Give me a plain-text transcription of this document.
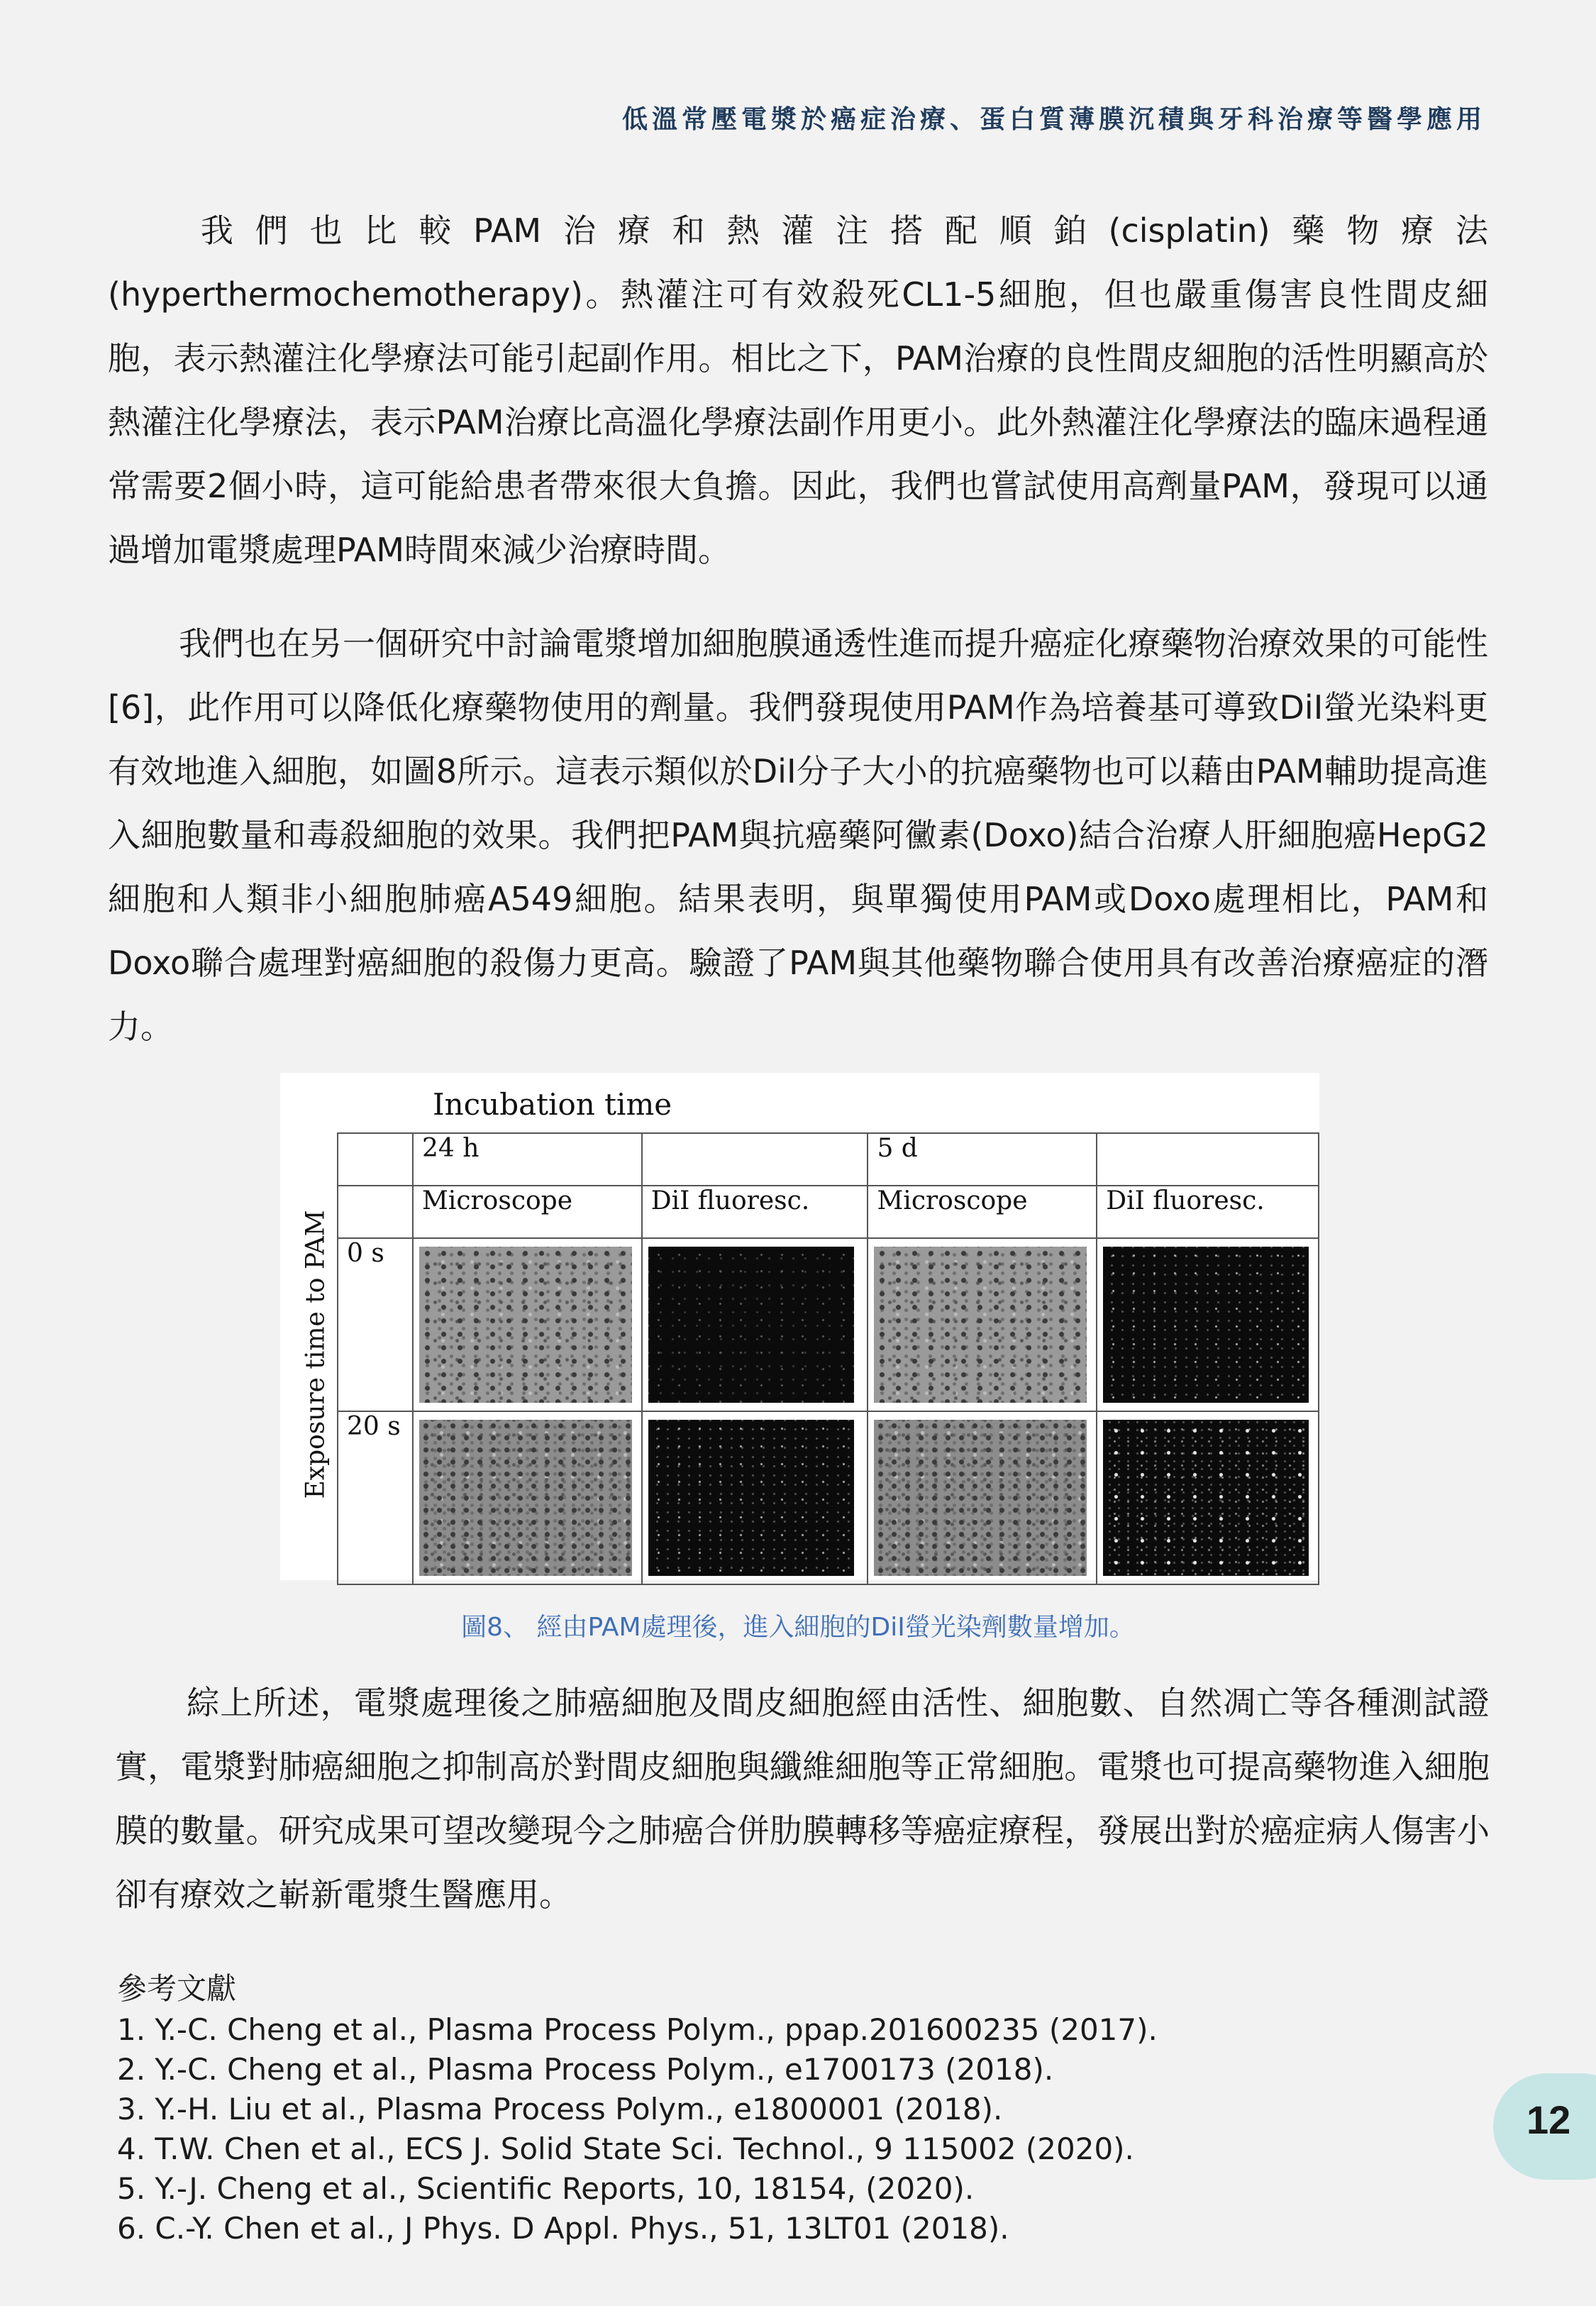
低溫常壓電漿於癌症治療、蛋白質薄膜沉積與牙科治療等醫學應用

我們也比較PAM治療和熱灌注搭配順鉑(cisplatin)藥物療法(hyperthermochemotherapy)。熱灌注可有效殺死CL1-5細胞，但也嚴重傷害良性間皮細胞，表示熱灌注化學療法可能引起副作用。相比之下，PAM治療的良性間皮細胞的活性明顯高於熱灌注化學療法，表示PAM治療比高溫化學療法副作用更小。此外熱灌注化學療法的臨床過程通常需要2個小時，這可能給患者帶來很大負擔。因此，我們也嘗試使用高劑量PAM，發現可以通過增加電漿處理PAM時間來減少治療時間。

我們也在另一個研究中討論電漿增加細胞膜通透性進而提升癌症化療藥物治療效果的可能性[6]，此作用可以降低化療藥物使用的劑量。我們發現使用PAM作為培養基可導致DiI螢光染料更有效地進入細胞，如圖8所示。這表示類似於DiI分子大小的抗癌藥物也可以藉由PAM輔助提高進入細胞數量和毒殺細胞的效果。我們把PAM與抗癌藥阿黴素(Doxo)結合治療人肝細胞癌HepG2細胞和人類非小細胞肺癌A549細胞。結果表明，與單獨使用PAM或Doxo處理相比，PAM和Doxo聯合處理對癌細胞的殺傷力更高。驗證了PAM與其他藥物聯合使用具有改善治療癌症的潛力。

Incubation time
Exposure time to PAM
	24 h		5 d	
	Microscope	DiI fluoresc.	Microscope	DiI fluoresc.
0 s	

20 s	

圖8、 經由PAM處理後，進入細胞的DiI螢光染劑數量增加。

綜上所述，電漿處理後之肺癌細胞及間皮細胞經由活性、細胞數、自然凋亡等各種測試證實，電漿對肺癌細胞之抑制高於對間皮細胞與纖維細胞等正常細胞。電漿也可提高藥物進入細胞膜的數量。研究成果可望改變現今之肺癌合併肋膜轉移等癌症療程，發展出對於癌症病人傷害小卻有療效之嶄新電漿生醫應用。

參考文獻
1. Y.-C. Cheng et al., Plasma Process Polym., ppap.201600235 (2017).
2. Y.-C. Cheng et al., Plasma Process Polym., e1700173 (2018).
3. Y.-H. Liu et al., Plasma Process Polym., e1800001 (2018).
4. T.W. Chen et al., ECS J. Solid State Sci. Technol., 9 115002 (2020).
5. Y.-J. Cheng et al., Scientific Reports, 10, 18154, (2020).
6. C.-Y. Chen et al., J Phys. D Appl. Phys., 51, 13LT01 (2018).
12
